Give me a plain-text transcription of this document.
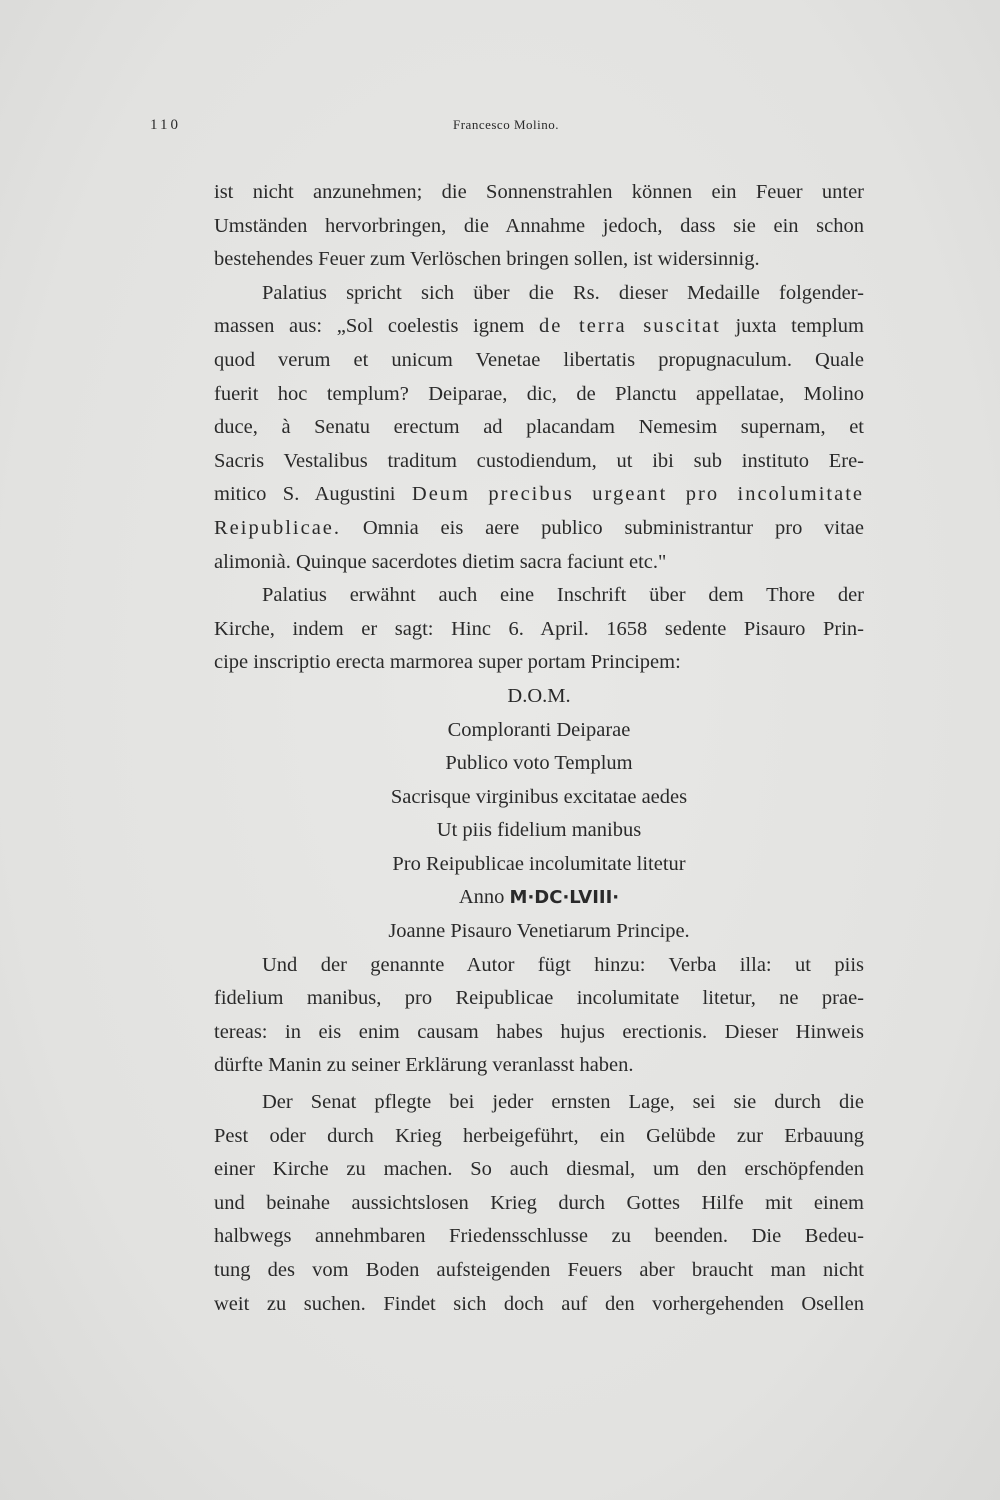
110	Francesco Molino.
ist nicht anzunehmen; die Sonnenstrahlen können ein Feuer unter
Umständen hervorbringen, die Annahme jedoch, dass sie ein schon
bestehendes Feuer zum Verlöschen bringen sollen, ist widersinnig.
Palatius spricht sich über die Rs. dieser Medaille folgender-
massen aus: „Sol coelestis ignem de terra suscitat juxta templum
quod verum et unicum Venetae libertatis propugnaculum. Quale
fuerit hoc templum? Deiparae, dic, de Planctu appellatae, Molino
duce, à Senatu erectum ad placandam Nemesim supernam, et
Sacris Vestalibus traditum custodiendum, ut ibi sub instituto Ere-
mitico S. Augustini Deum precibus urgeant pro incolumitate
Reipublicae. Omnia eis aere publico subministrantur pro vitae
alimonià. Quinque sacerdotes dietim sacra faciunt etc."
Palatius erwähnt auch eine Inschrift über dem Thore der
Kirche, indem er sagt: Hinc 6. April. 1658 sedente Pisauro Prin-
cipe inscriptio erecta marmorea super portam Principem:
D.O.M.
Comploranti Deiparae
Publico voto Templum
Sacrisque virginibus excitatae aedes
Ut piis fidelium manibus
Pro Reipublicae incolumitate litetur
Anno M·DC·LVIII·
Joanne Pisauro Venetiarum Principe.
Und der genannte Autor fügt hinzu: Verba illa: ut piis
fidelium manibus, pro Reipublicae incolumitate litetur, ne prae-
tereas: in eis enim causam habes hujus erectionis. Dieser Hinweis
dürfte Manin zu seiner Erklärung veranlasst haben.
Der Senat pflegte bei jeder ernsten Lage, sei sie durch die
Pest oder durch Krieg herbeigeführt, ein Gelübde zur Erbauung
einer Kirche zu machen. So auch diesmal, um den erschöpfenden
und beinahe aussichtslosen Krieg durch Gottes Hilfe mit einem
halbwegs annehmbaren Friedensschlusse zu beenden. Die Bedeu-
tung des vom Boden aufsteigenden Feuers aber braucht man nicht
weit zu suchen. Findet sich doch auf den vorhergehenden Osellen
